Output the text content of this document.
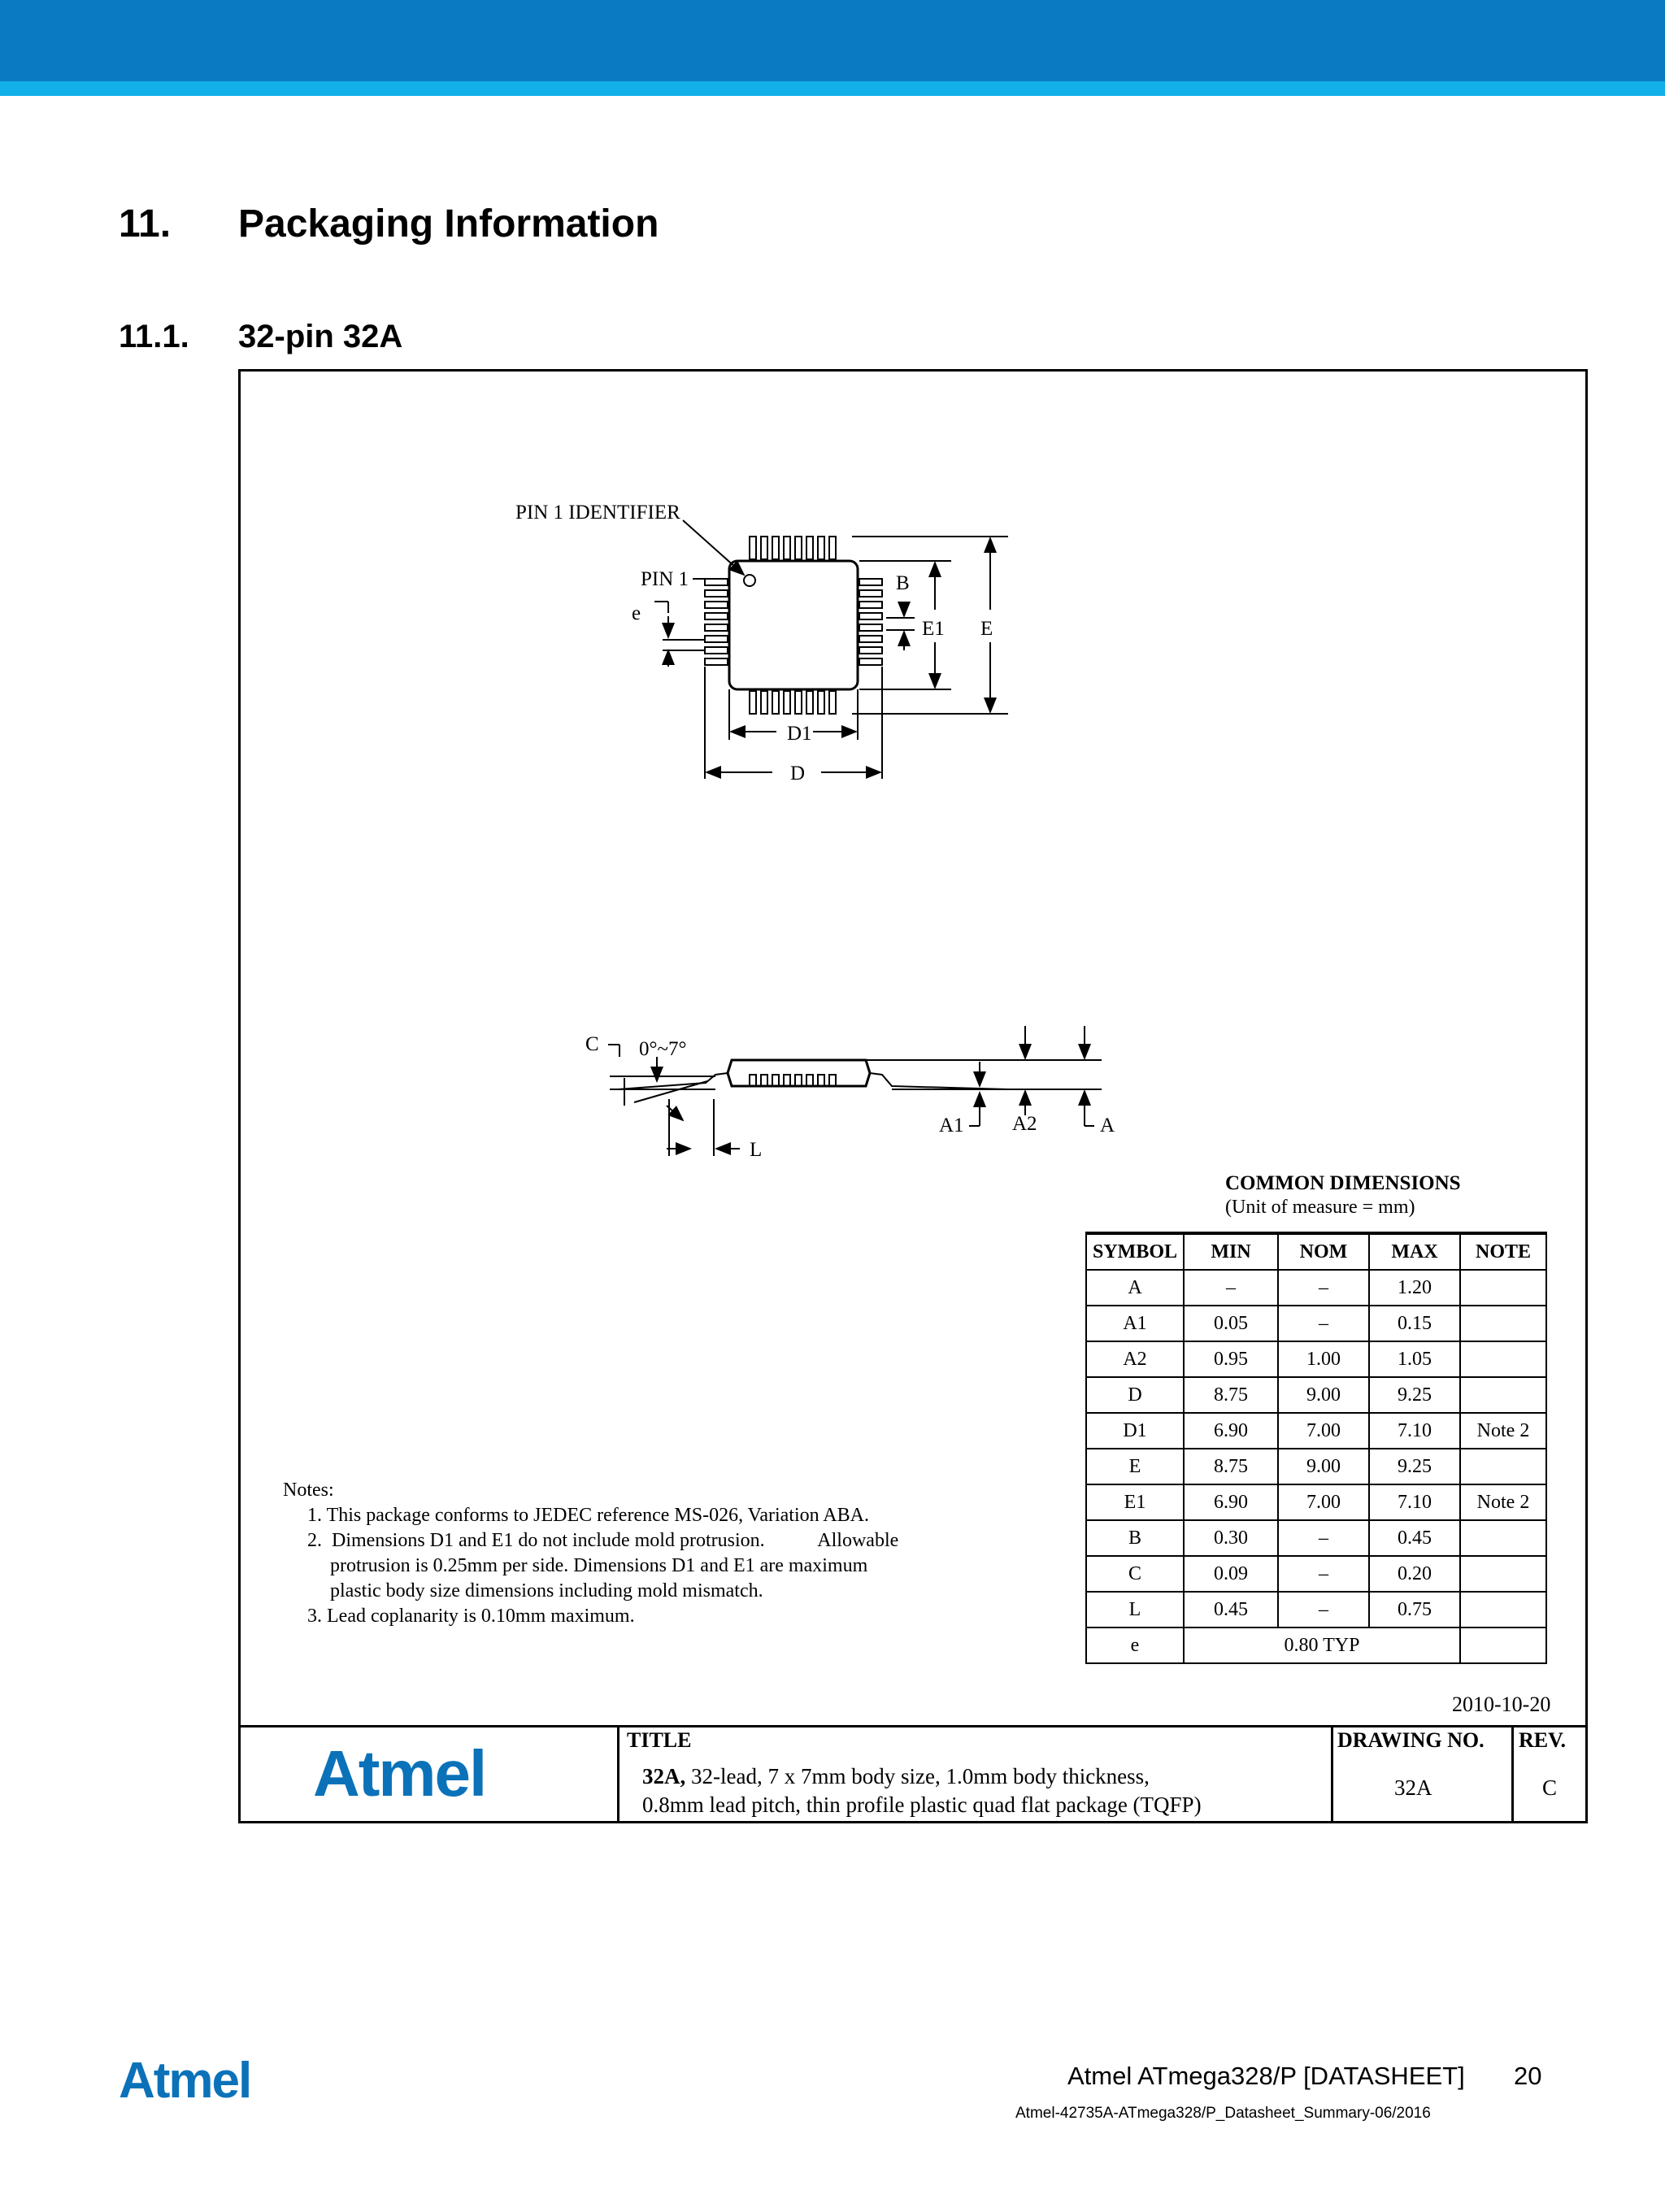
11. Packaging Information
11.1. 32-pin 32A
PIN 1 IDENTIFIER
PIN 1
e
B
E1 E
D1
D
C 0°~7°
A1 A2	A
L
COMMON DIMENSIONS
(Unit of measure = mm)
SYMBOL	MIN	NOM	MAX	NOTE
A	–	–	1.20	
A1	0.05	–	0.15	
A2	0.95	1.00	1.05	
D	8.75	9.00	9.25	
D1	6.90	7.00	7.10	Note 2
E	8.75	9.00	9.25	
E1	6.90	7.00	7.10	Note 2
B	0.30	–	0.45	
C	0.09	–	0.20	
L	0.45	–	0.75	
e	0.80 TYP			
Notes:
1. This package conforms to JEDEC reference MS-026, Variation ABA.
2.  Dimensions D1 and E1 do not include mold protrusion.           Allowable
protrusion is 0.25mm per side. Dimensions D1 and E1 are maximum
plastic body size dimensions including mold mismatch.
3. Lead coplanarity is 0.10mm maximum.
2010-10-20
Atmel	TITLE
32A, 32-lead, 7 x 7mm body size, 1.0mm body thickness,
0.8mm lead pitch, thin profile plastic quad flat package (TQFP)
DRAWING NO.
32A
REV.
C
Atmel	Atmel ATmega328/P [DATASHEET] 20
Atmel-42735A-ATmega328/P_Datasheet_Summary-06/2016
